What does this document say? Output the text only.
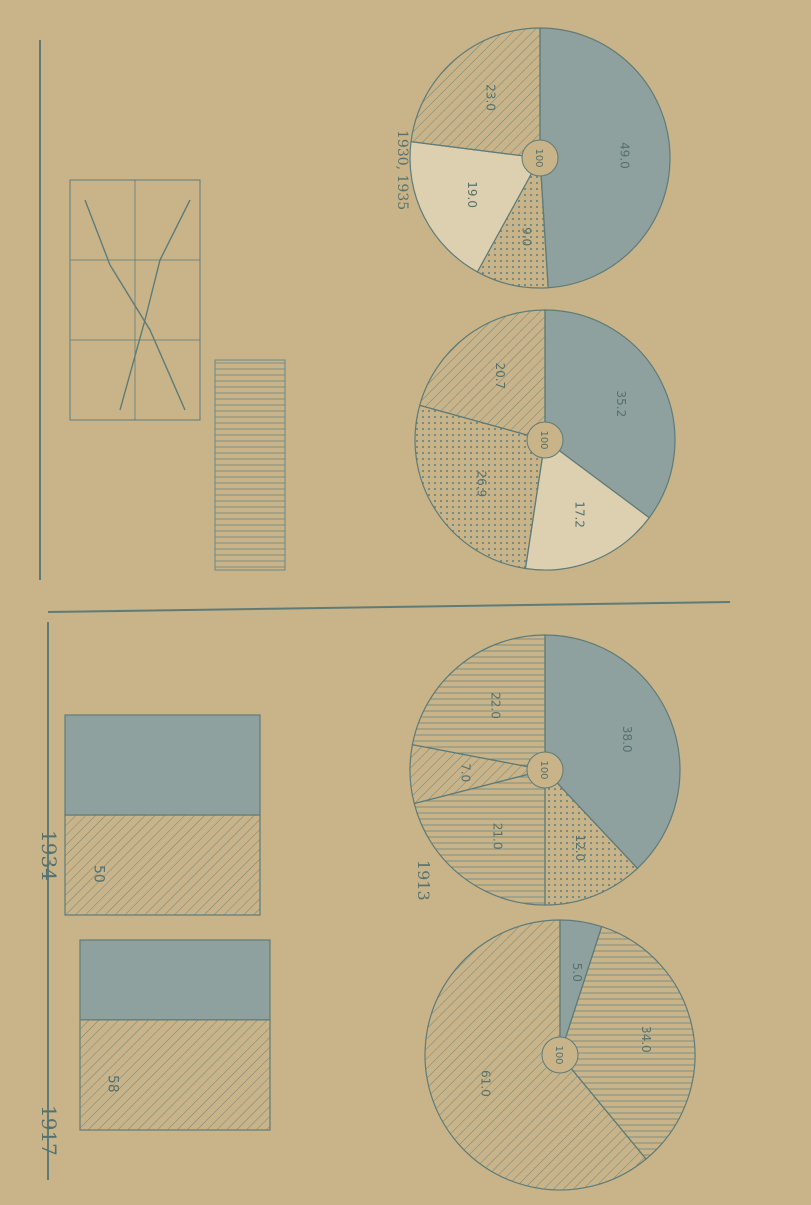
49.0
9.0
19.0
23.0
100
35.2
17.2
26.9
20.7
100
38.0
12.0
21.0
7.0
22.0
100
5.0
34.0
61.0
100
58
50
1917
1934	1913
1930, 1935
